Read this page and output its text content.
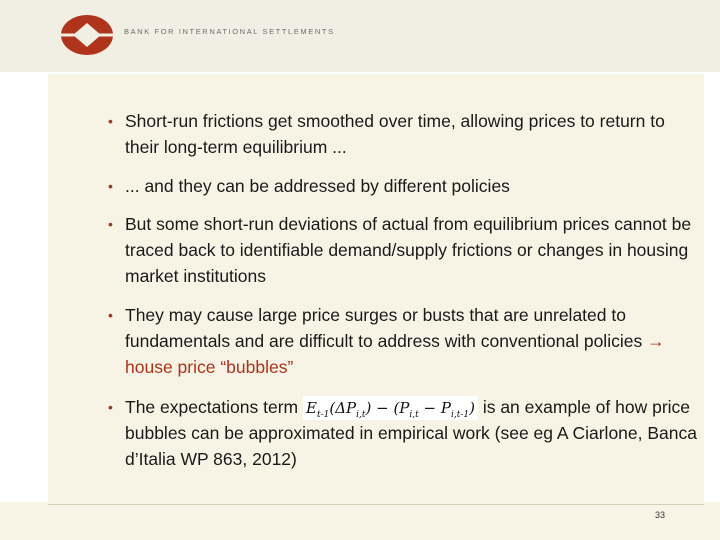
BANK FOR INTERNATIONAL SETTLEMENTS
• Short-run frictions get smoothed over time, allowing prices to return to their long-term equilibrium ...
• ... and they can be addressed by different policies
• But some short-run deviations of actual from equilibrium prices cannot be traced back to identifiable demand/supply frictions or changes in housing market institutions
• They may cause large price surges or busts that are unrelated to fundamentals and are difficult to address with conventional policies → house price “bubbles”
• The expectations term $E_{t-1}(\Delta P_{i,t}) - (P_{i,t} - P_{i,t-1})$ is an example of how price bubbles can be approximated in empirical work (see eg A Ciarlone, Banca d’Italia WP 863, 2012)
33
